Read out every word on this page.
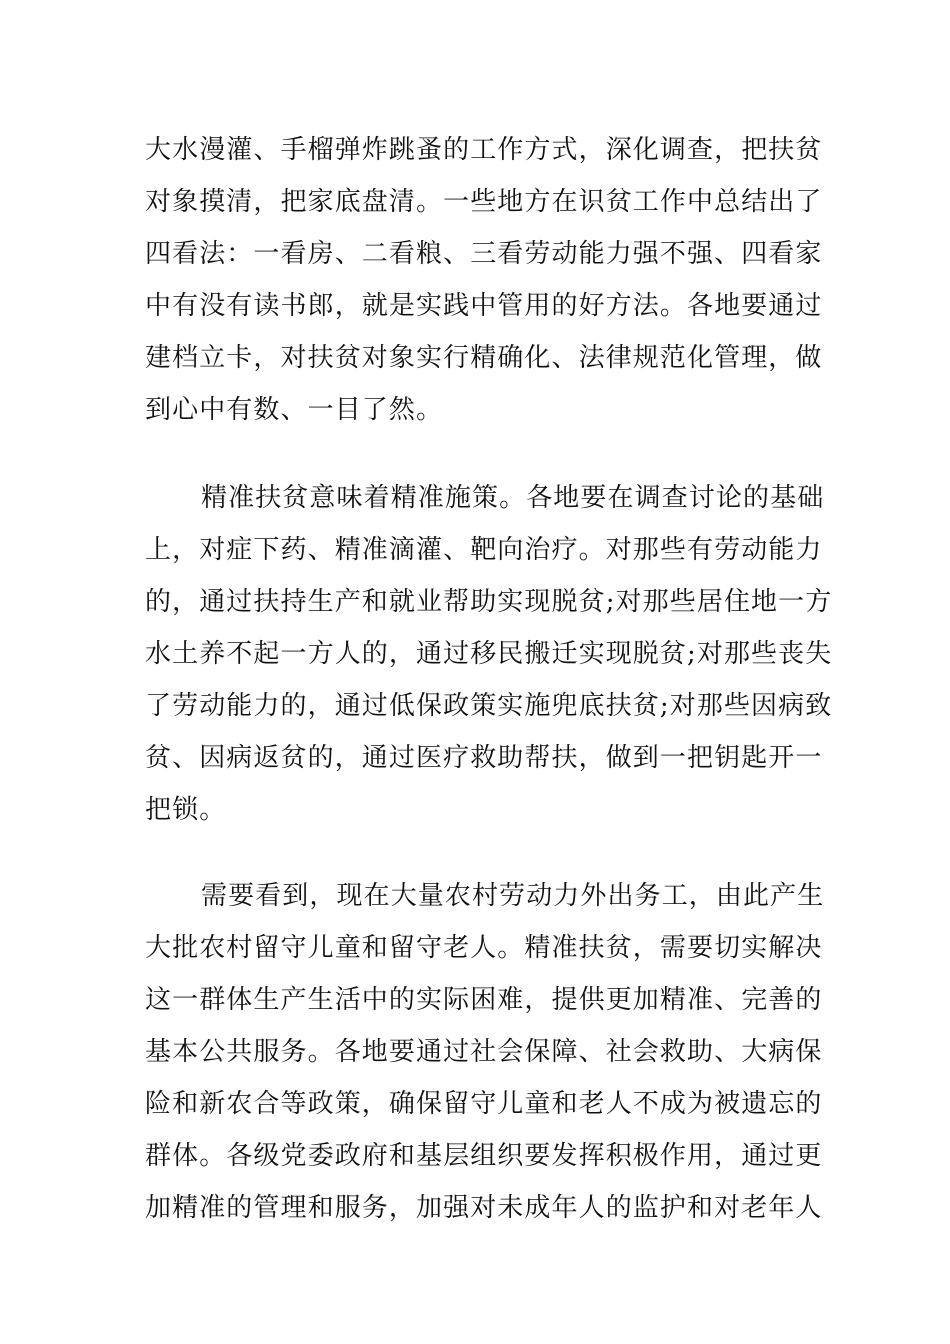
大水漫灌、手榴弹炸跳蚤的工作方式，深化调查，把扶贫
对象摸清，把家底盘清。一些地方在识贫工作中总结出了
四看法：一看房、二看粮、三看劳动能力强不强、四看家
中有没有读书郎，就是实践中管用的好方法。各地要通过
建档立卡，对扶贫对象实行精确化、法律规范化管理，做
到心中有数、一目了然。
精准扶贫意味着精准施策。各地要在调查讨论的基础
上，对症下药、精准滴灌、靶向治疗。对那些有劳动能力
的，通过扶持生产和就业帮助实现脱贫;对那些居住地一方
水土养不起一方人的，通过移民搬迁实现脱贫;对那些丧失
了劳动能力的，通过低保政策实施兜底扶贫;对那些因病致
贫、因病返贫的，通过医疗救助帮扶，做到一把钥匙开一
把锁。
需要看到，现在大量农村劳动力外出务工，由此产生
大批农村留守儿童和留守老人。精准扶贫，需要切实解决
这一群体生产生活中的实际困难，提供更加精准、完善的
基本公共服务。各地要通过社会保障、社会救助、大病保
险和新农合等政策，确保留守儿童和老人不成为被遗忘的
群体。各级党委政府和基层组织要发挥积极作用，通过更
加精准的管理和服务，加强对未成年人的监护和对老年人
